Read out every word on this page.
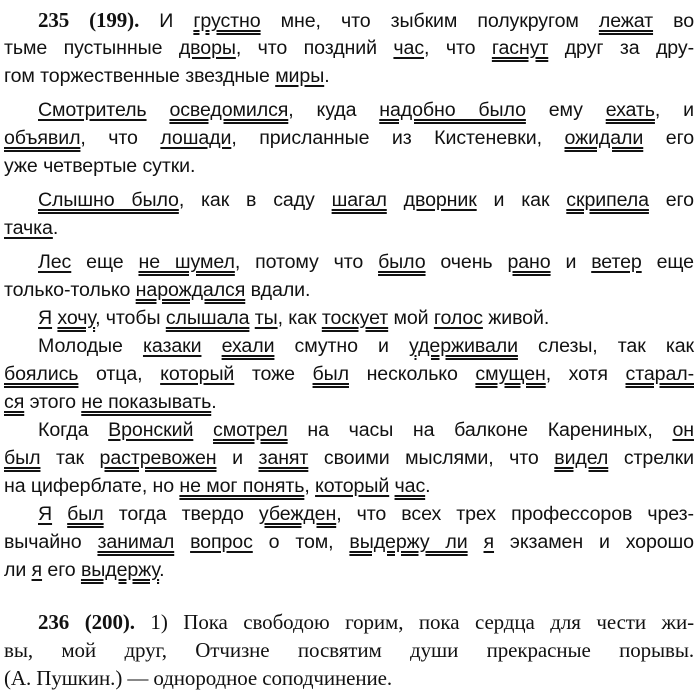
235 (199). И грустно мне, что зыбким полукругом лежат во
тьме пустынные дворы, что поздний час, что гаснут друг за дру-
гом торжественные звездные миры.
Смотритель осведомился, куда надобно было ему ехать, и
объявил, что лошади, присланные из Кистеневки, ожидали его
уже четвертые сутки.
Слышно было, как в саду шагал дворник и как скрипела его
тачка.
Лес еще не шумел, потому что было очень рано и ветер еще
только-только нарождался вдали.
Я хочу, чтобы слышала ты, как тоскует мой голос живой.
Молодые казаки ехали смутно и удерживали слезы, так как
боялись отца, который тоже был несколько смущен, хотя старал-
ся этого не показывать.
Когда Вронский смотрел на часы на балконе Карениных, он
был так растревожен и занят своими мыслями, что видел стрелки
на циферблате, но не мог понять, который час.
Я был тогда твердо убежден, что всех трех профессоров чрез-
вычайно занимал вопрос о том, выдержу ли я экзамен и хорошо
ли я его выдержу.
236 (200). 1) Пока свободою горим, пока сердца для чести жи-
вы, мой друг, Отчизне посвятим души прекрасные порывы.
(А. Пушкин.) — однородное соподчинение.
